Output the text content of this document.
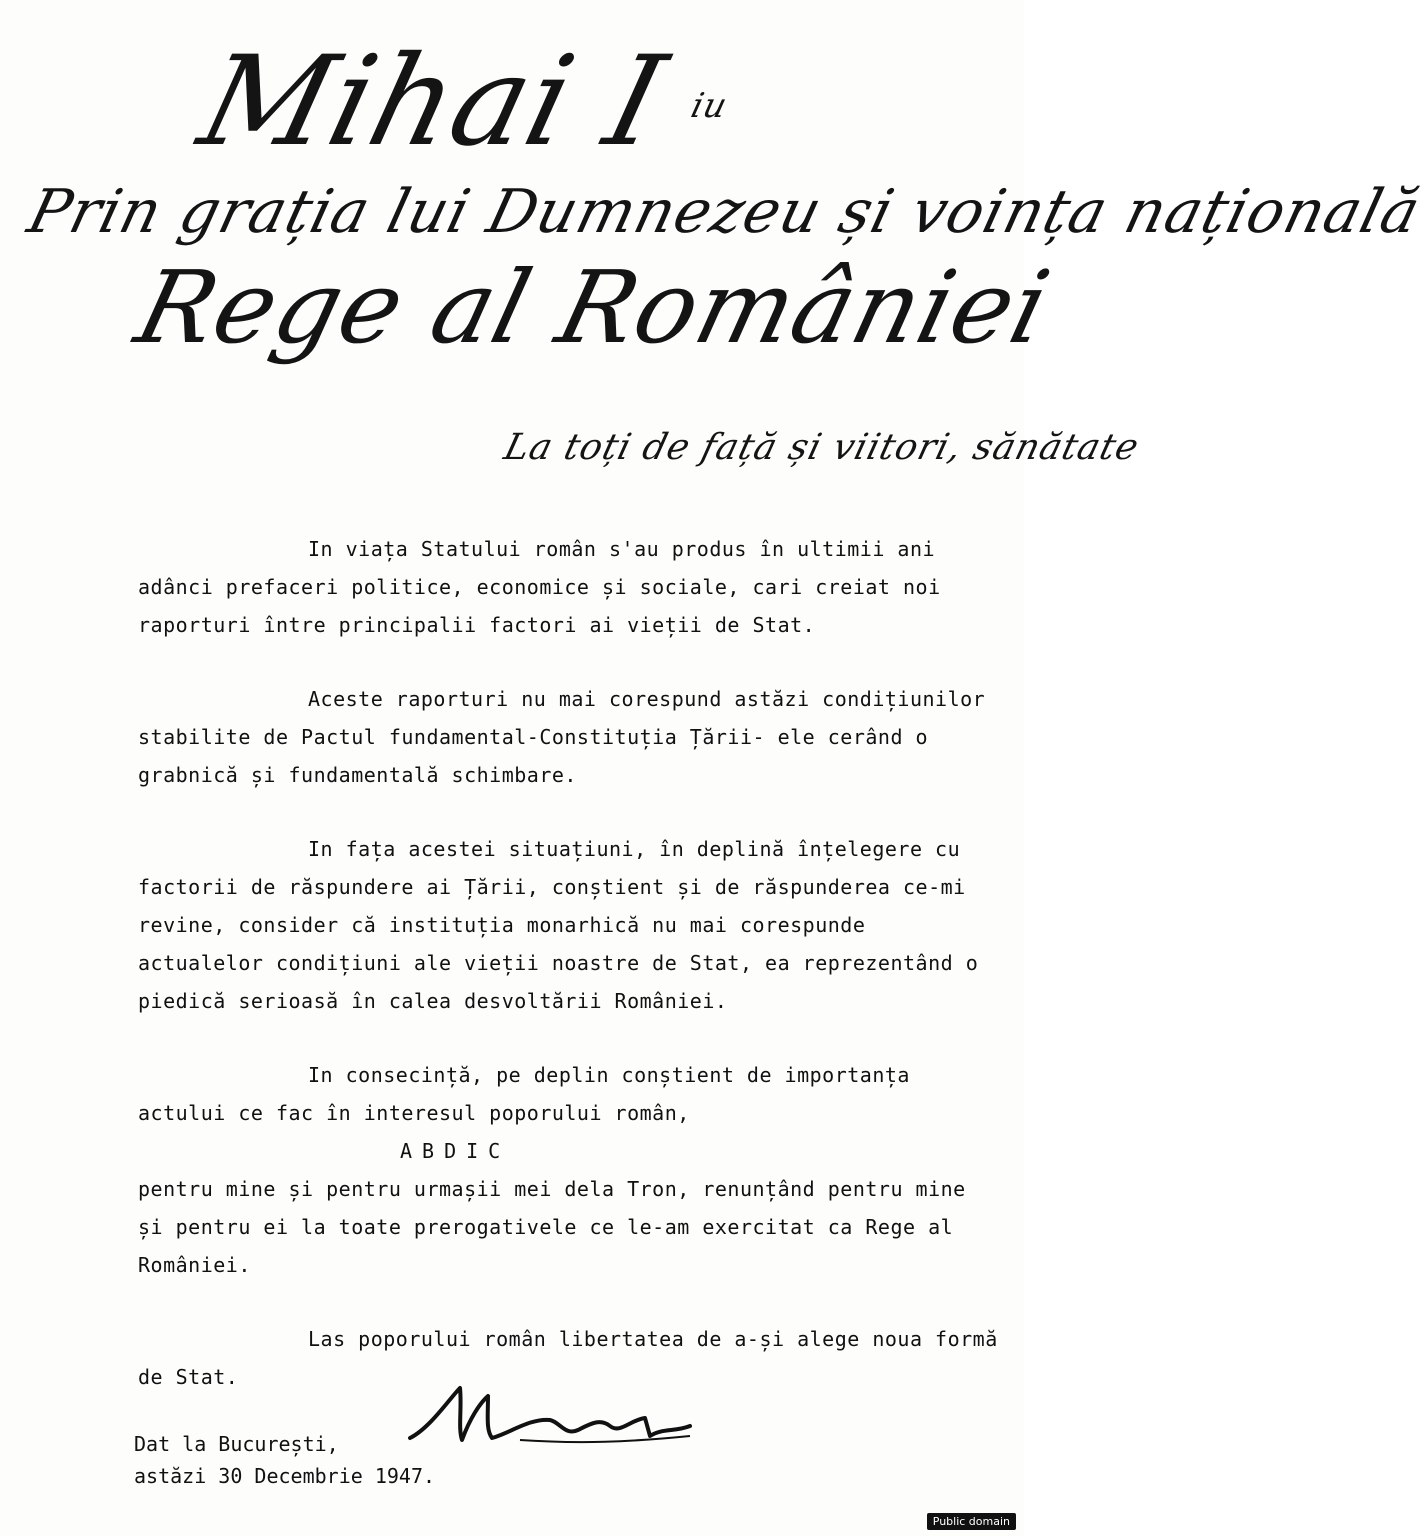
Mihai I iu
Prin grația lui Dumnezeu și voința națională
Rege al României
La toți de față și viitori, sănătate

In viața Statului român s'au produs în ultimii ani adânci prefaceri politice, economice și sociale, cari creiat noi raporturi între principalii factori ai vieții de Stat.

Aceste raporturi nu mai corespund astăzi condițiunilor stabilite de Pactul fundamental-Constituția Țării- ele cerând o grabnică și fundamentală schimbare.

In fața acestei situațiuni, în deplină înțelegere cu factorii de răspundere ai Țării, conștient și de răspunderea ce-mi revine, consider că instituția monarhică nu mai corespunde actualelor condițiuni ale vieții noastre de Stat, ea reprezentând o piedică serioasă în calea desvoltării României.

In consecință, pe deplin conștient de importanța actului ce fac în interesul poporului român,

ABDIC

pentru mine și pentru urmașii mei dela Tron, renunțând pentru mine și pentru ei la toate prerogativele ce le-am exercitat ca Rege al României.

Las poporului român libertatea de a-și alege noua formă de Stat.

Dat la București,
astăzi 30 Decembrie 1947.
Public domain
